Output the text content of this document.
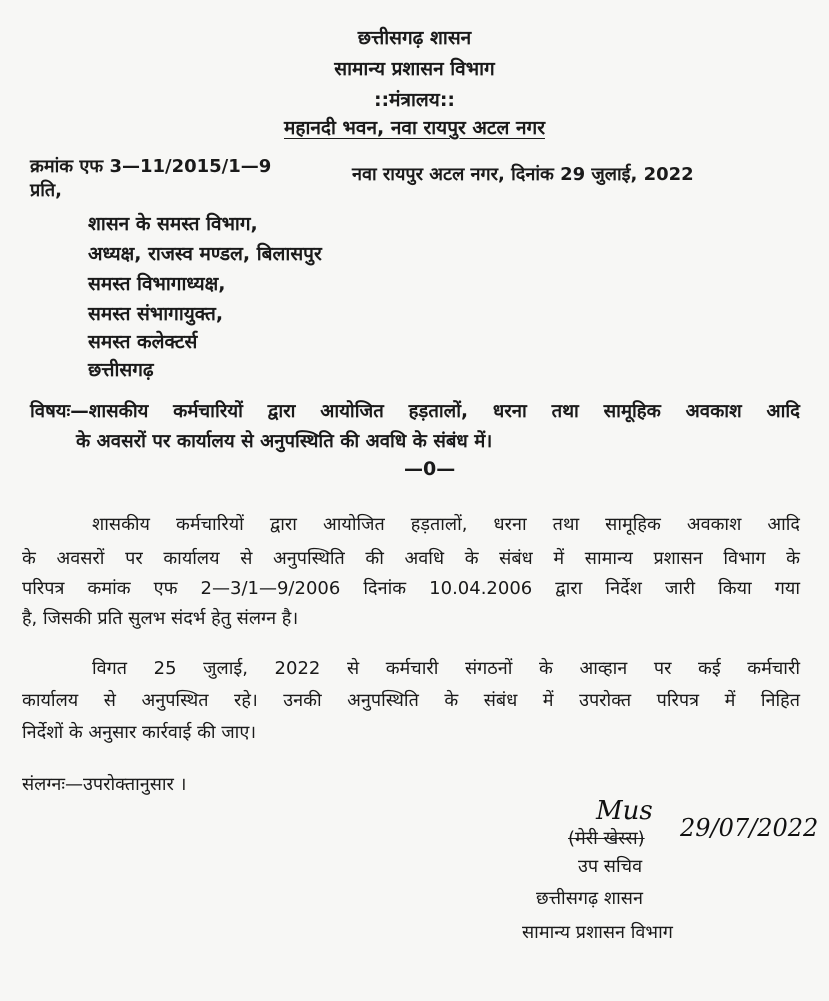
छत्तीसगढ़ शासन
सामान्य प्रशासन विभाग
::मंत्रालय::
महानदी भवन, नवा रायपुर अटल नगर
क्रमांक एफ 3—11/2015/1—9	नवा रायपुर अटल नगर, दिनांक 29 जुलाई, 2022
प्रति,
शासन के समस्त विभाग,
अध्यक्ष, राजस्व मण्डल, बिलासपुर
समस्त विभागाध्यक्ष,
समस्त संभागायुक्त,
समस्त कलेक्टर्स
छत्तीसगढ़
विषयः—शासकीय कर्मचारियों द्वारा आयोजित हड़तालों, धरना तथा सामूहिक अवकाश आदि
के अवसरों पर कार्यालय से अनुपस्थिति की अवधि के संबंध में।
—0—
शासकीय कर्मचारियों द्वारा आयोजित हड़तालों, धरना तथा सामूहिक अवकाश आदि
के अवसरों पर कार्यालय से अनुपस्थिति की अवधि के संबंध में सामान्य प्रशासन विभाग के
परिपत्र कमांक एफ 2—3/1—9/2006 दिनांक 10.04.2006 द्वारा निर्देश जारी किया गया
है, जिसकी प्रति सुलभ संदर्भ हेतु संलग्न है।
विगत 25 जुलाई, 2022 से कर्मचारी संगठनों के आव्हान पर कई कर्मचारी
कार्यालय से अनुपस्थित रहे। उनकी अनुपस्थिति के संबंध में उपरोक्त परिपत्र में निहित
निर्देशों के अनुसार कार्रवाई की जाए।
संलग्नः—उपरोक्तानुसार ।
Mus
(मेरी खेस्स) 29/07/2022
उप सचिव
छत्तीसगढ़ शासन
सामान्य प्रशासन विभाग
